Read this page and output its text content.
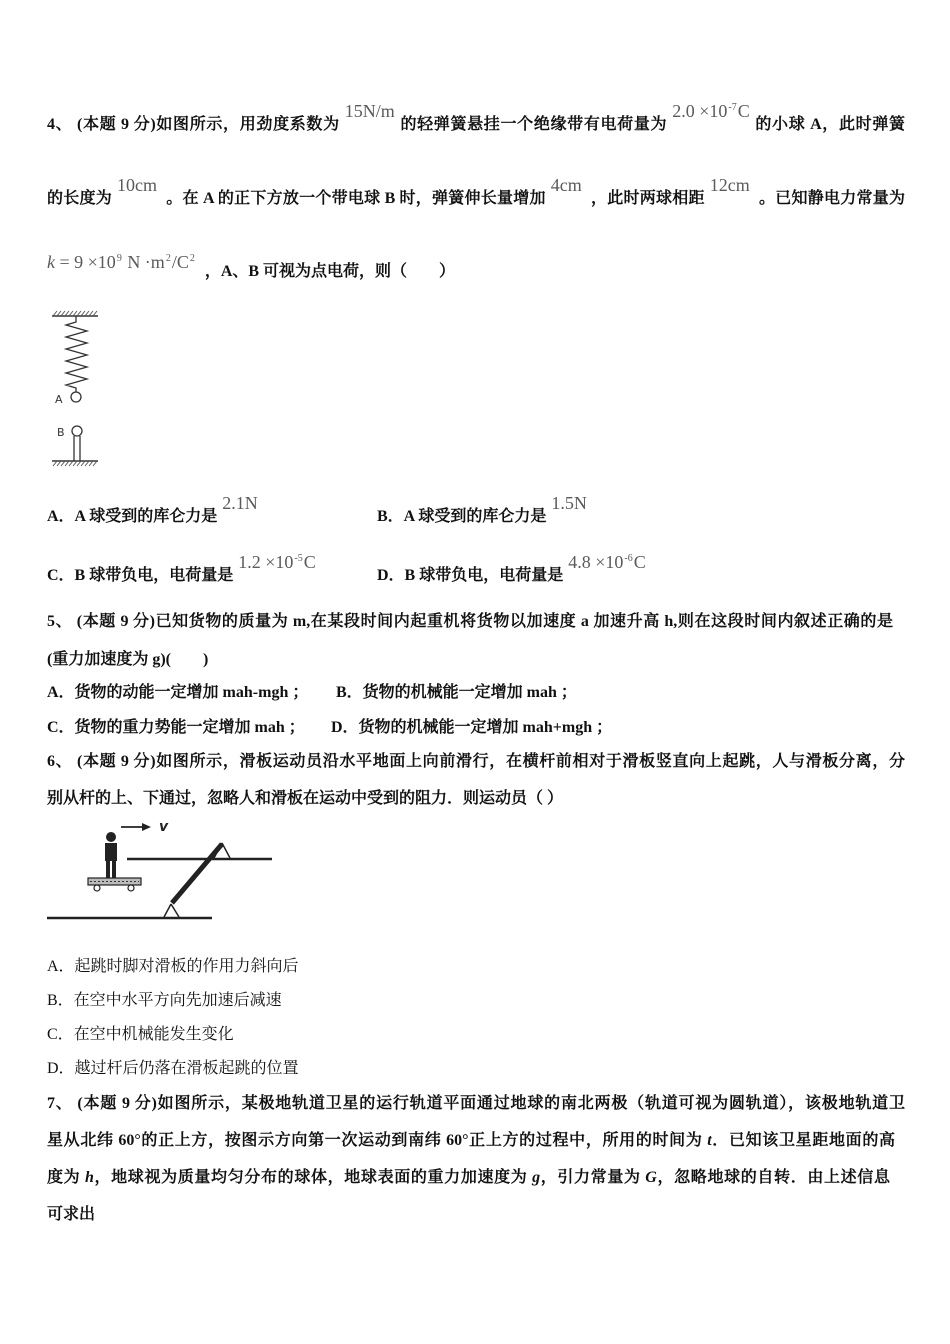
4、 (本题 9 分)如图所示，用劲度系数为15N/m的轻弹簧悬挂一个绝缘带有电荷量为$2.0 \times 10^{-7}C$的小球 A，此时弹簧
的长度为10cm 。在 A 的正下方放一个带电球 B 时，弹簧伸长量增加4cm ，此时两球相距12cm 。已知静电力常量为
$k = 9 \times 10^9$ $N \cdot m^2/C^2$ ，A、B 可视为点电荷，则（　　）
A
B
A．A 球受到的库仑力是2.1N
B．A 球受到的库仑力是1.5N
C．B 球带负电，电荷量是$1.2 \times 10^{-5}C$
D．B 球带负电，电荷量是$4.8 \times 10^{-6}C$
5、 (本题 9 分)已知货物的质量为 m,在某段时间内起重机将货物以加速度 a 加速升高 h,则在这段时间内叙述正确的是
(重力加速度为 g)(　　)
A．货物的动能一定增加 mah-mgh ； B．货物的机械能一定增加 mah ；
C．货物的重力势能一定增加 mah ； D．货物的机械能一定增加 mah+mgh ；
6、 (本题 9 分)如图所示，滑板运动员沿水平地面上向前滑行，在横杆前相对于滑板竖直向上起跳，人与滑板分离，分
别从杆的上、下通过，忽略人和滑板在运动中受到的阻力．则运动员（ ）
v
A．起跳时脚对滑板的作用力斜向后
B．在空中水平方向先加速后减速
C．在空中机械能发生变化
D．越过杆后仍落在滑板起跳的位置
7、 (本题 9 分)如图所示，某极地轨道卫星的运行轨道平面通过地球的南北两极（轨道可视为圆轨道），该极地轨道卫
星从北纬 60°的正上方，按图示方向第一次运动到南纬 60°正上方的过程中，所用的时间为 t．已知该卫星距地面的高
度为 h，地球视为质量均匀分布的球体，地球表面的重力加速度为 g，引力常量为 G，忽略地球的自转．由上述信息
可求出
